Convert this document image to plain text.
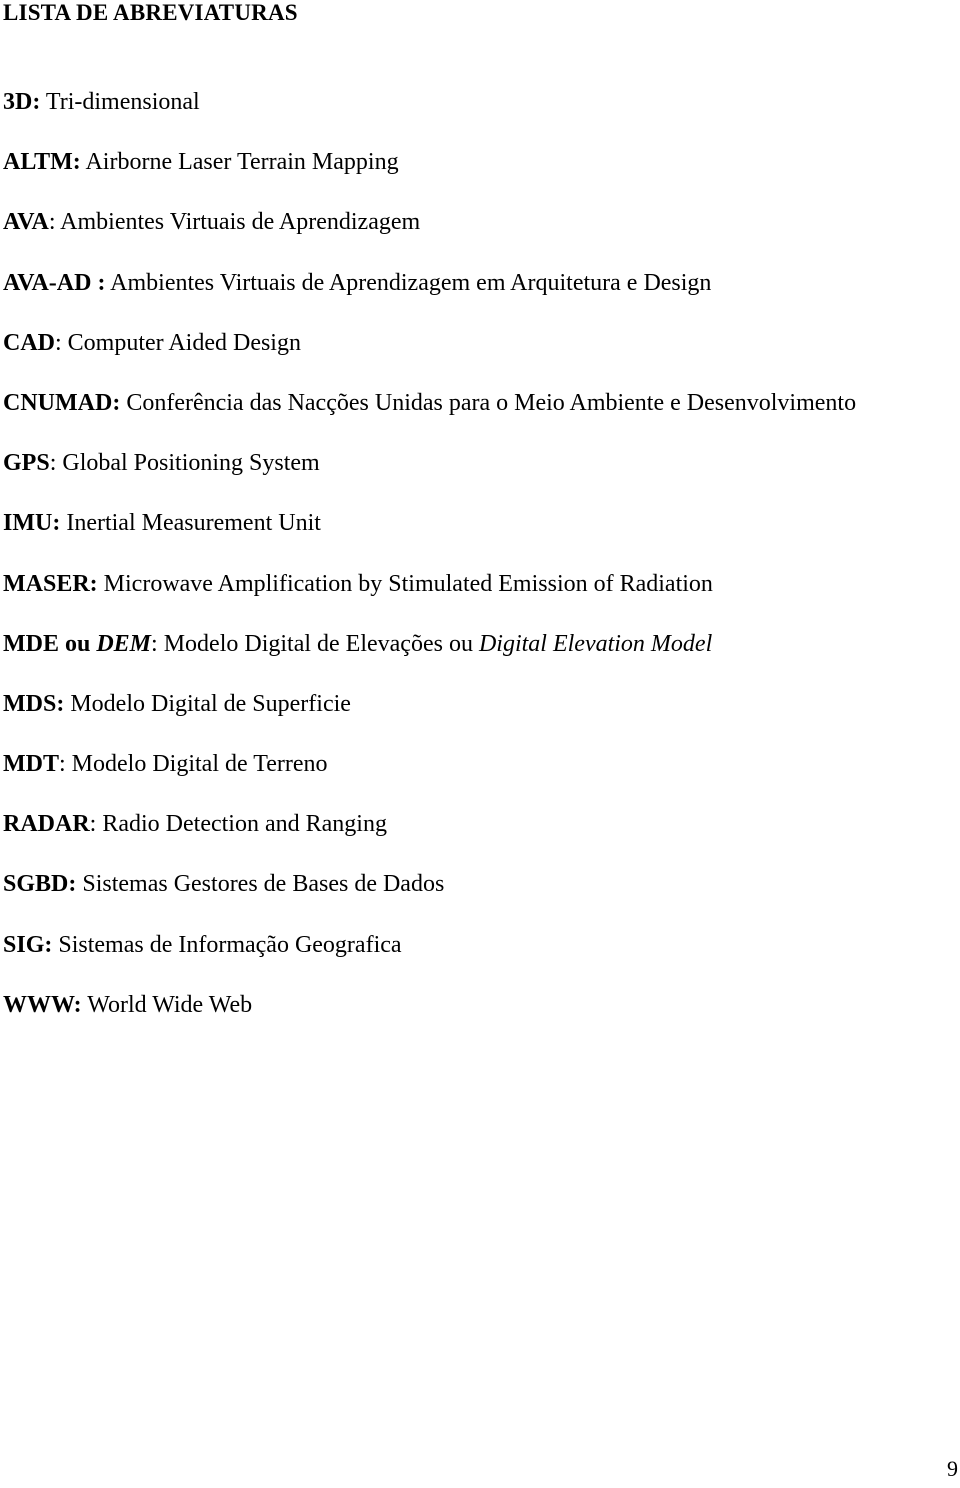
LISTA DE ABREVIATURAS
3D: Tri-dimensional
ALTM: Airborne Laser Terrain Mapping
AVA: Ambientes Virtuais de Aprendizagem
AVA-AD : Ambientes Virtuais de Aprendizagem em Arquitetura e Design
CAD: Computer Aided Design
CNUMAD: Conferência das Nacções Unidas para o Meio Ambiente e Desenvolvimento
GPS: Global Positioning System
IMU: Inertial Measurement Unit
MASER: Microwave Amplification by Stimulated Emission of Radiation
MDE ou DEM: Modelo Digital de Elevações ou Digital Elevation Model
MDS: Modelo Digital de Superficie
MDT: Modelo Digital de Terreno
RADAR: Radio Detection and Ranging
SGBD: Sistemas Gestores de Bases de Dados
SIG: Sistemas de Informação Geografica
WWW: World Wide Web
9
